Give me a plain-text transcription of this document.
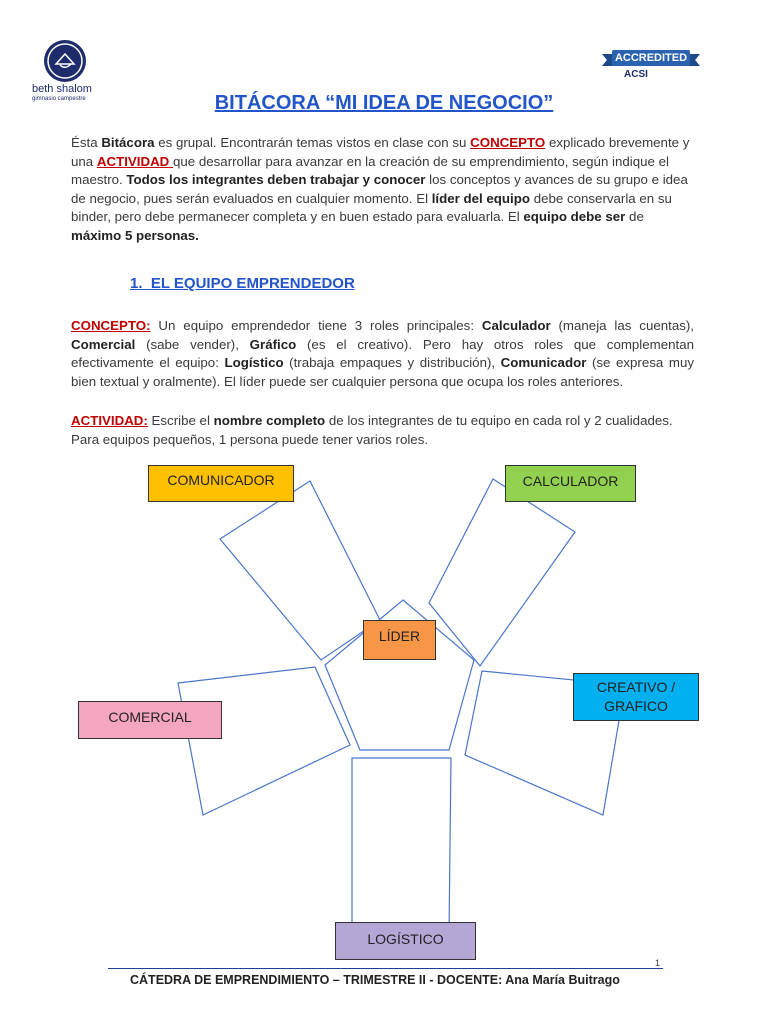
beth shalom
gimnasio campestre
ACCREDITED
ACSI
BITÁCORA “MI IDEA DE NEGOCIO”
Ésta Bitácora es grupal. Encontrarán temas vistos en clase con su CONCEPTO explicado brevemente y una ACTIVIDAD que desarrollar para avanzar en la creación de su emprendimiento, según indique el maestro. Todos los integrantes deben trabajar y conocer los conceptos y avances de su grupo e idea de negocio, pues serán evaluados en cualquier momento. El líder del equipo debe conservarla en su binder, pero debe permanecer completa y en buen estado para evaluarla. El equipo debe ser de máximo 5 personas.
1. EL EQUIPO EMPRENDEDOR
CONCEPTO: Un equipo emprendedor tiene 3 roles principales: Calculador (maneja las cuentas), Comercial (sabe vender), Gráfico (es el creativo). Pero hay otros roles que complementan efectivamente el equipo: Logístico (trabaja empaques y distribución), Comunicador (se expresa muy bien textual y oralmente). El líder puede ser cualquier persona que ocupa los roles anteriores.
ACTIVIDAD: Escribe el nombre completo de los integrantes de tu equipo en cada rol y 2 cualidades. Para equipos pequeños, 1 persona puede tener varios roles.
COMUNICADOR	CALCULADOR
LÍDER
CREATIVO / GRAFICO
COMERCIAL
LOGÍSTICO
1
CÁTEDRA DE EMPRENDIMIENTO – TRIMESTRE II - DOCENTE: Ana María Buitrago
